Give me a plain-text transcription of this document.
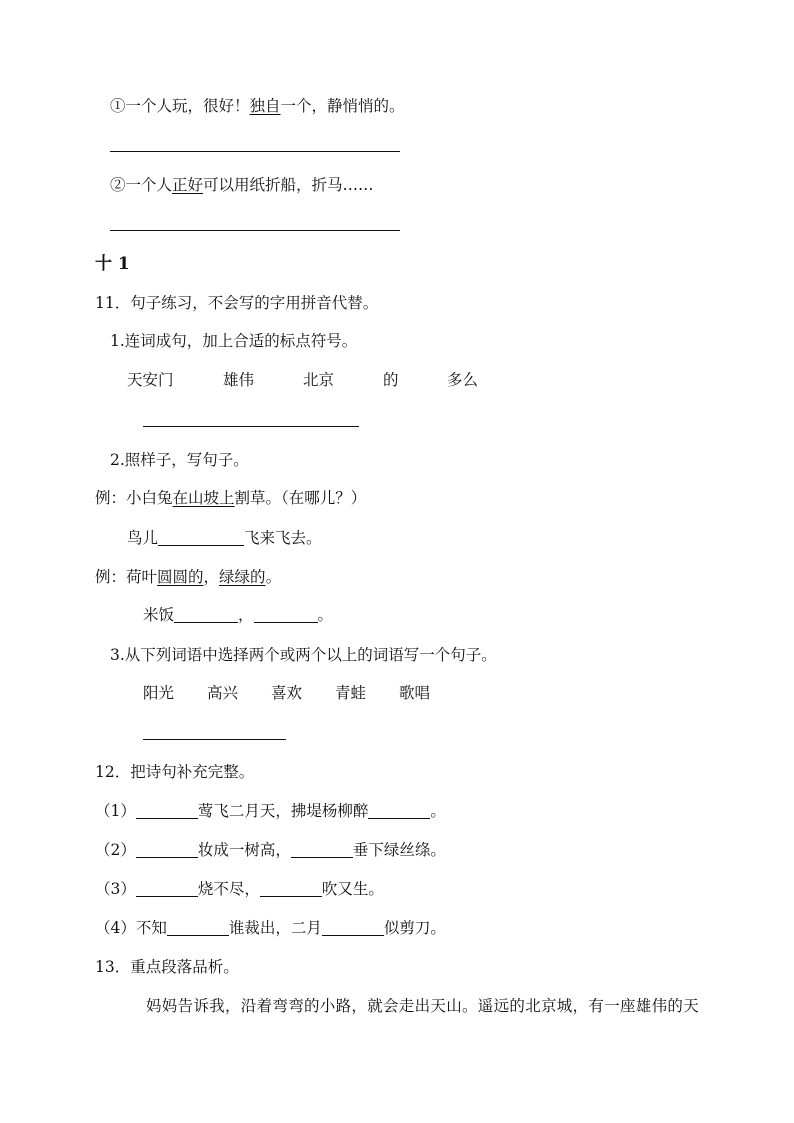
①一个人玩，很好！独自一个，静悄悄的。
②一个人正好可以用纸折船，折马……
十 1
11．句子练习，不会写的字用拼音代替。
1.连词成句，加上合适的标点符号。
天安门	雄伟	北京	的	多么
2.照样子，写句子。
例：小白兔在山坡上割草。（在哪儿？）
鸟儿	飞来飞去。
例：荷叶圆圆的，绿绿的。
米饭	，	。
3.从下列词语中选择两个或两个以上的词语写一个句子。
阳光 高兴 喜欢 青蛙 歌唱
12．把诗句补充完整。
（1）	莺飞二月天，拂堤杨柳醉	。
（2）	妆成一树高，	垂下绿丝绦。
（3）	烧不尽，	吹又生。
（4）不知	谁裁出，二月	似剪刀。
13．重点段落品析。
妈妈告诉我，沿着弯弯的小路，就会走出天山。遥远的北京城，有一座雄伟的天
